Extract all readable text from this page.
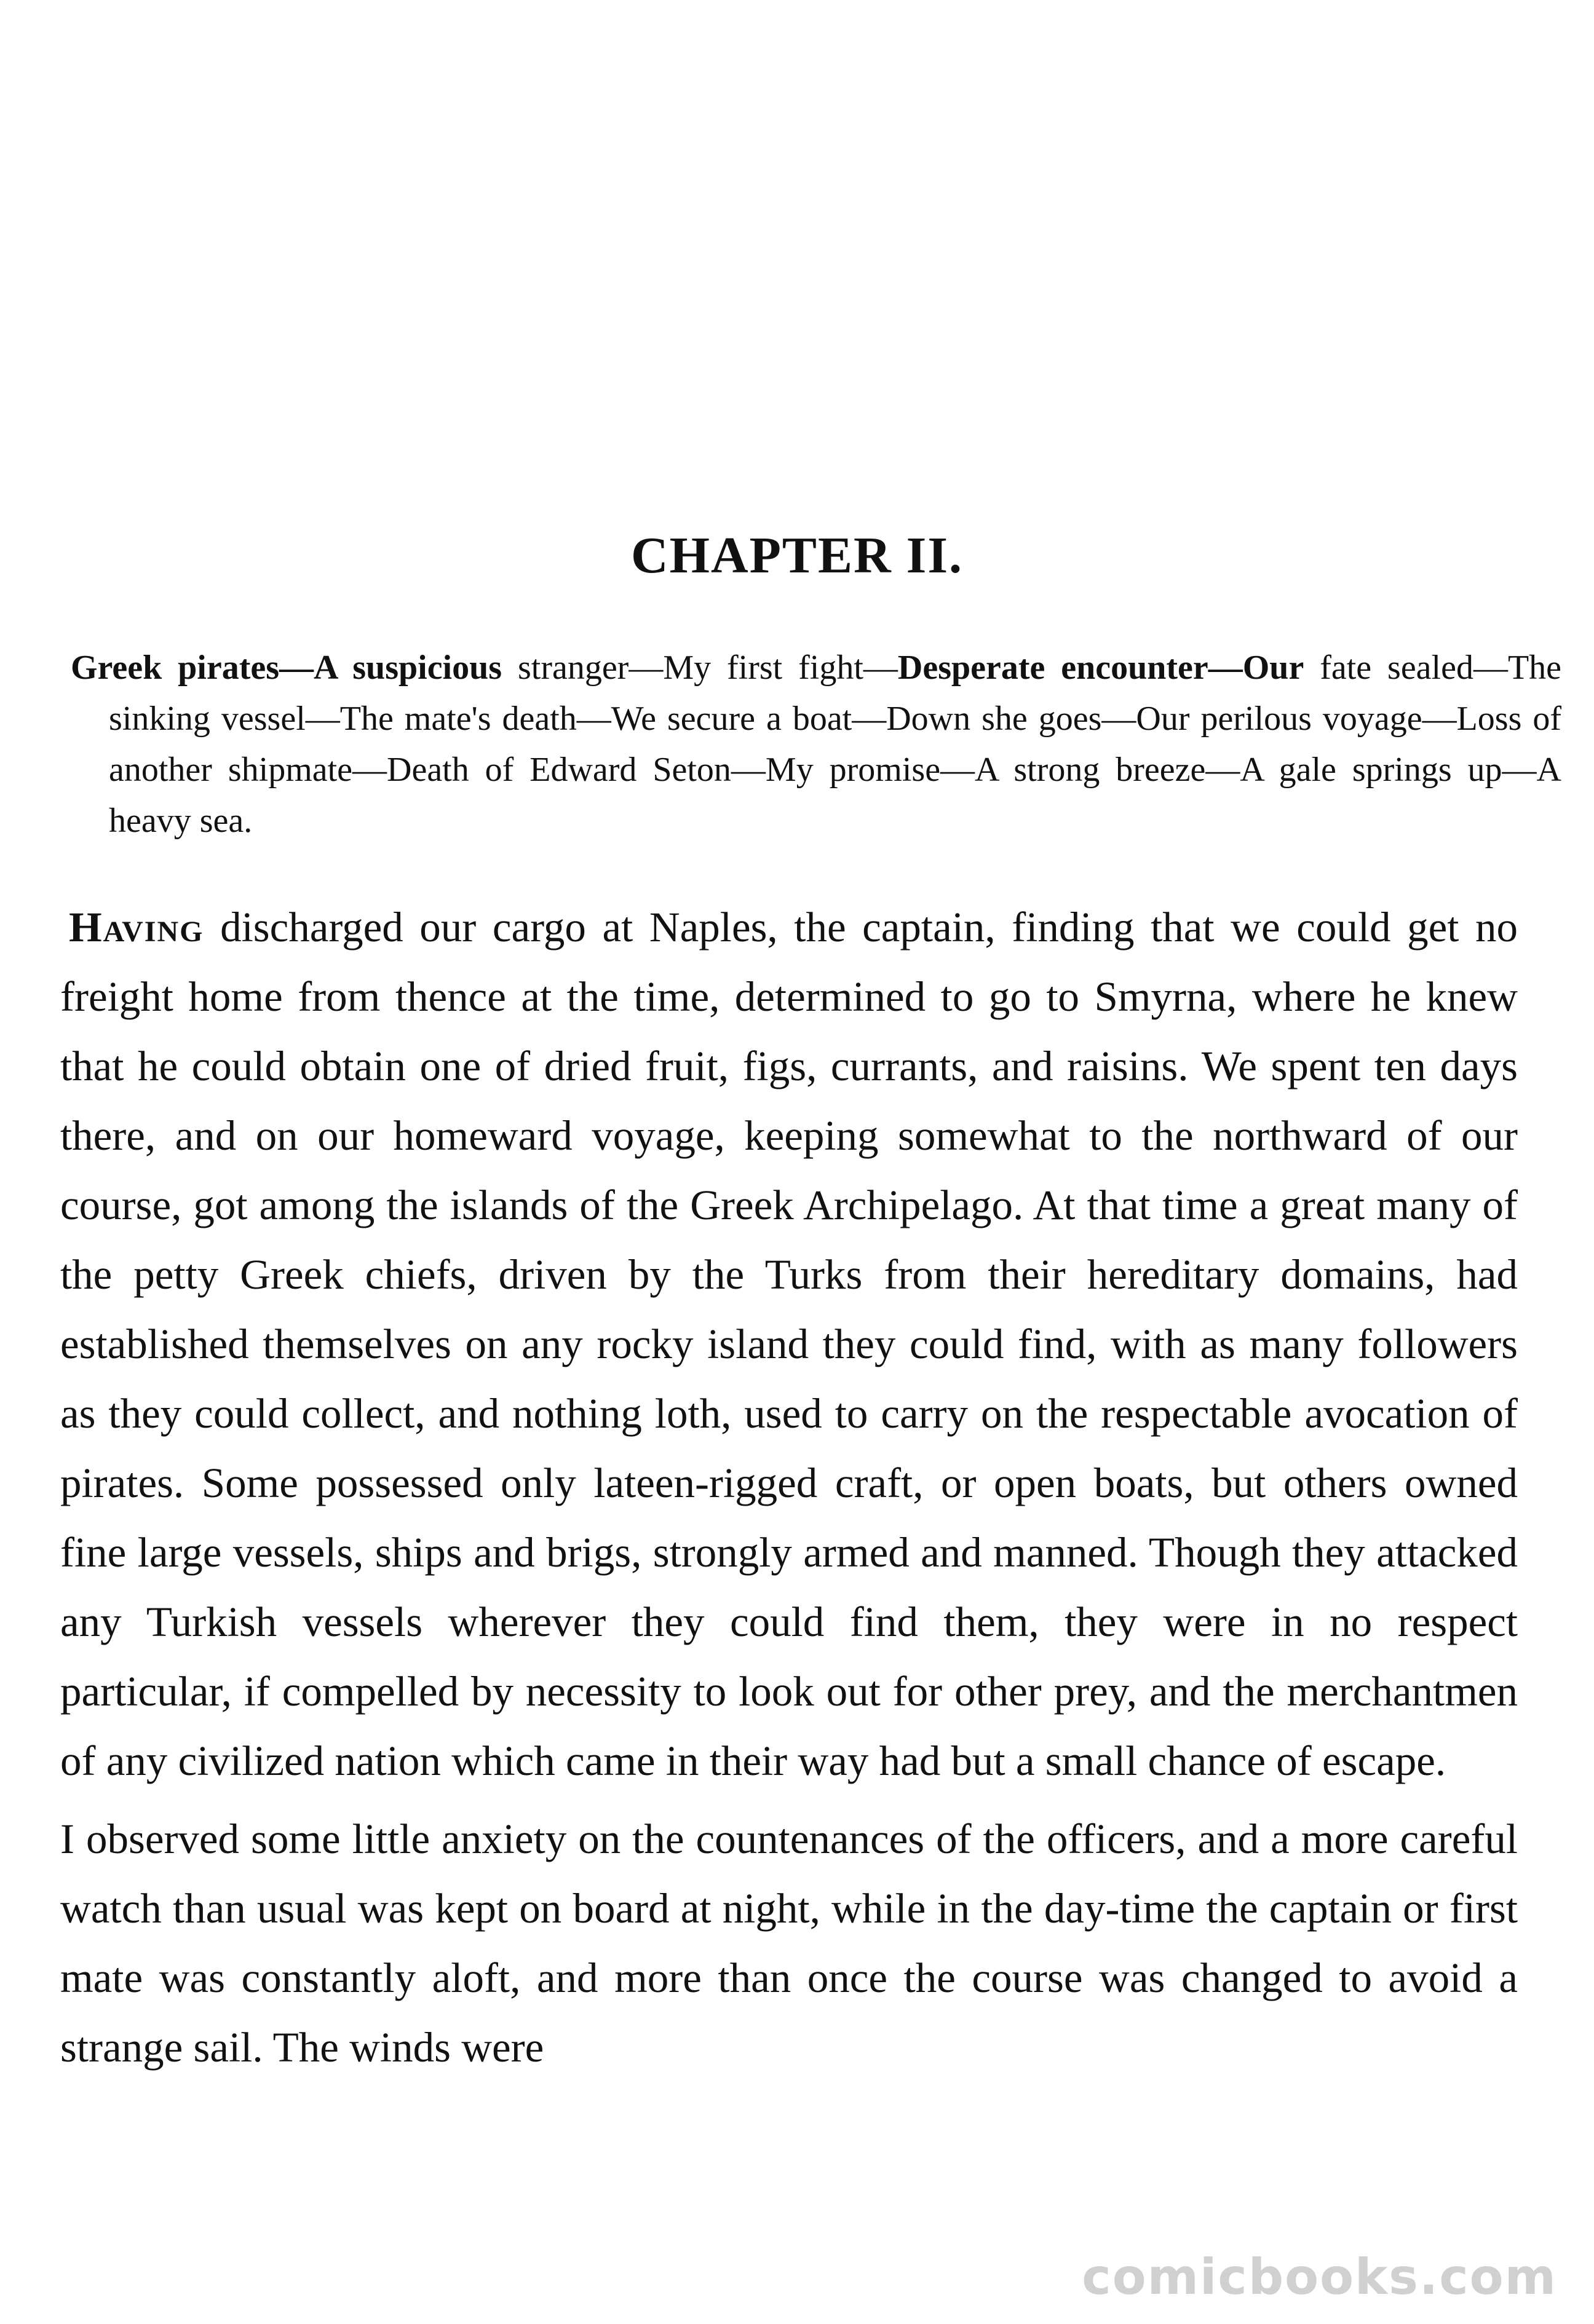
CHAPTER II.

Greek pirates—A suspicious stranger—My first fight—Desperate encounter—Our fate sealed—The sinking vessel—The mate's death—We secure a boat—Down she goes—Our perilous voyage—Loss of another shipmate—Death of Edward Seton—My promise—A strong breeze—A gale springs up—A heavy sea.

Having discharged our cargo at Naples, the captain, finding that we could get no freight home from thence at the time, determined to go to Smyrna, where he knew that he could obtain one of dried fruit, figs, currants, and raisins. We spent ten days there, and on our homeward voyage, keeping somewhat to the northward of our course, got among the islands of the Greek Archipelago. At that time a great many of the petty Greek chiefs, driven by the Turks from their hereditary domains, had established themselves on any rocky island they could find, with as many followers as they could collect, and nothing loth, used to carry on the respectable avocation of pirates. Some possessed only lateen-rigged craft, or open boats, but others owned fine large vessels, ships and brigs, strongly armed and manned. Though they attacked any Turkish vessels wherever they could find them, they were in no respect particular, if compelled by necessity to look out for other prey, and the merchantmen of any civilized nation which came in their way had but a small chance of escape.

I observed some little anxiety on the countenances of the officers, and a more careful watch than usual was kept on board at night, while in the day-time the captain or first mate was constantly aloft, and more than once the course was changed to avoid a strange sail. The winds were

comicbooks.com
